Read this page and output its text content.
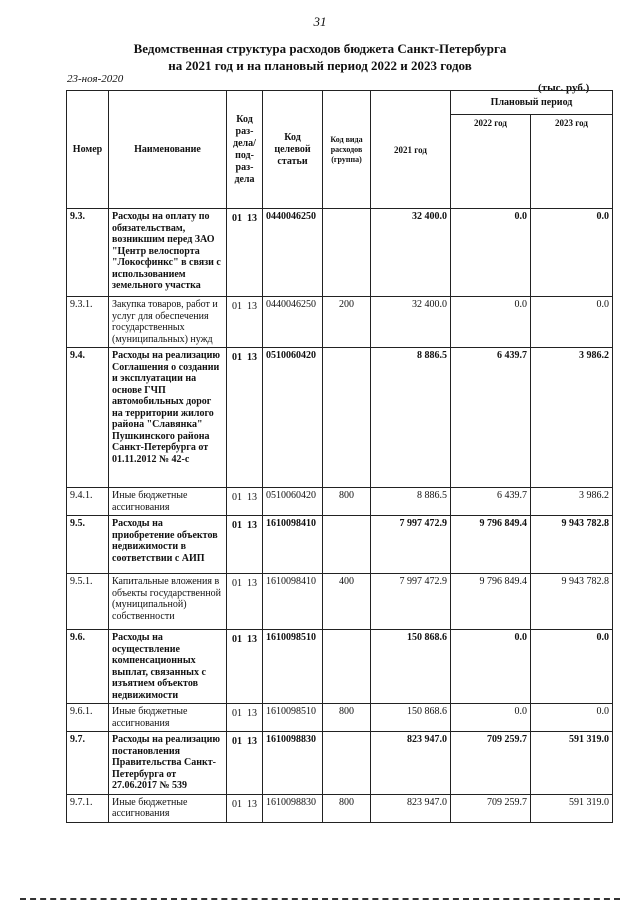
31
Ведомственная структура расходов бюджета Санкт-Петербурга
на 2021 год и на плановый период 2022 и 2023 годов
23-ноя-2020
(тыс. руб.)
Номер	Наименование	Код раз- дела/ под- раз- дела	Код целевой статьи	Код вида расходов (группа)	2021 год	Плановый период	
						2022 год	2023 год
9.3.	Расходы на оплату по обязательствам, возникшим перед ЗАО "Центр велоспорта "Локосфинкс" в связи с использованием земельного участка	01 13	0440046250		32 400.0	0.0	0.0
9.3.1.	Закупка товаров, работ и услуг для обеспечения государственных (муниципальных) нужд	01 13	0440046250	200	32 400.0	0.0	0.0
9.4.	Расходы на реализацию Соглашения о создании и эксплуатации на основе ГЧП автомобильных дорог на территории жилого района "Славянка" Пушкинского района Санкт-Петербурга от 01.11.2012 № 42-с	01 13	0510060420		8 886.5	6 439.7	3 986.2
9.4.1.	Иные бюджетные ассигнования	01 13	0510060420	800	8 886.5	6 439.7	3 986.2
9.5.	Расходы на приобретение объектов недвижимости в соответствии с АИП	01 13	1610098410		7 997 472.9	9 796 849.4	9 943 782.8
9.5.1.	Капитальные вложения в объекты государственной (муниципальной) собственности	01 13	1610098410	400	7 997 472.9	9 796 849.4	9 943 782.8
9.6.	Расходы на осуществление компенсационных выплат, связанных с изъятием объектов недвижимости	01 13	1610098510		150 868.6	0.0	0.0
9.6.1.	Иные бюджетные ассигнования	01 13	1610098510	800	150 868.6	0.0	0.0
9.7.	Расходы на реализацию постановления Правительства Санкт-Петербурга от 27.06.2017 № 539	01 13	1610098830		823 947.0	709 259.7	591 319.0
9.7.1.	Иные бюджетные ассигнования	01 13	1610098830	800	823 947.0	709 259.7	591 319.0
